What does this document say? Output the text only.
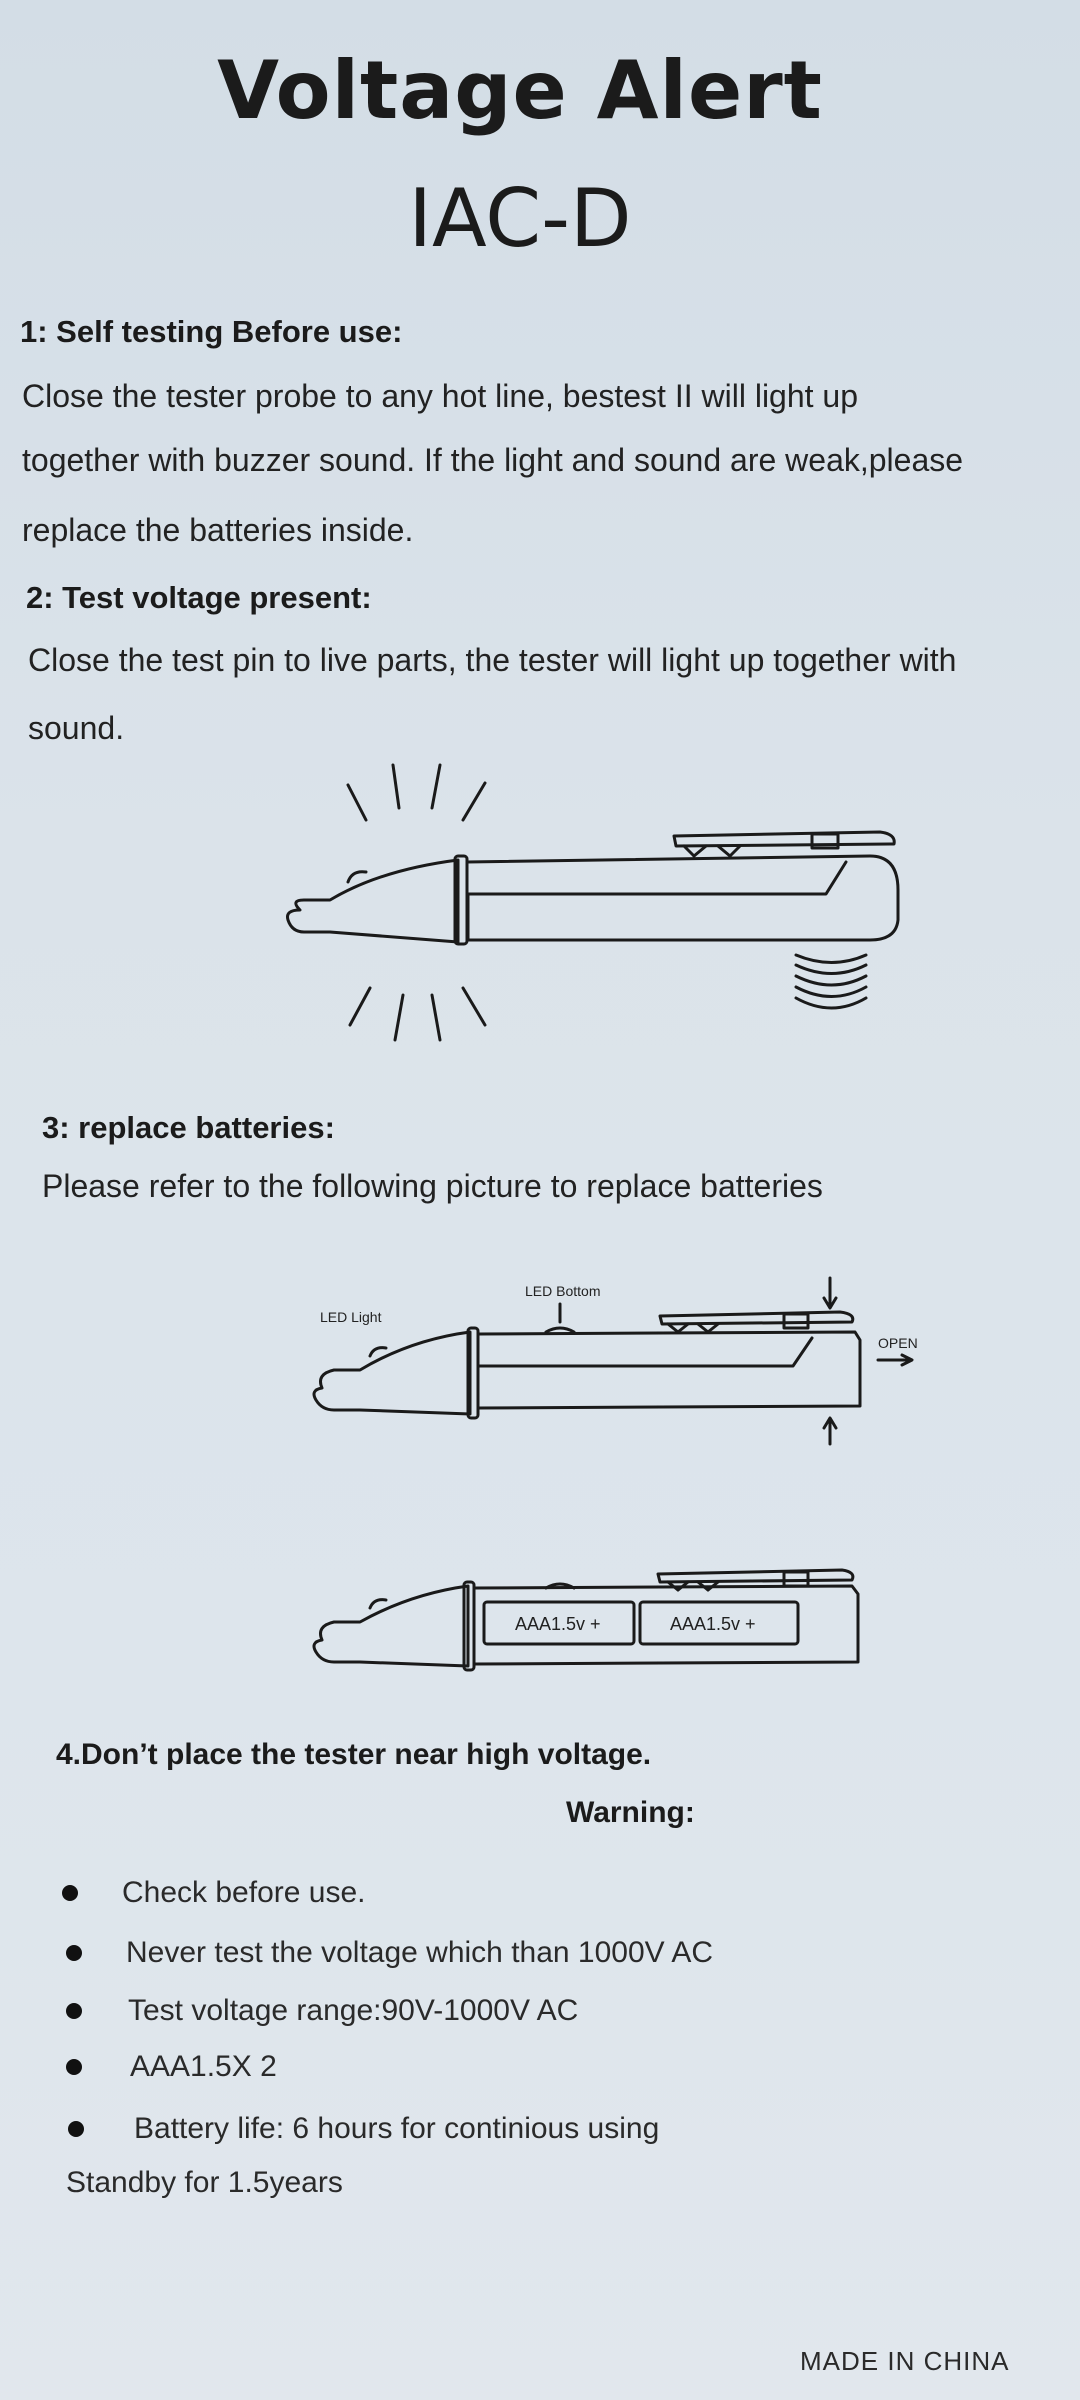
Voltage Alert
IAC-D

1: Self testing Before use:

Close the tester probe to any hot line, bestest II will light up

together with buzzer sound. If the light and sound are weak,please

replace the batteries inside.

2: Test voltage present:

Close the test pin to live parts, the tester will light up together with

sound.

3: replace batteries:

Please refer to the following picture to replace batteries

LED Light
LED Bottom
OPEN
AAA1.5v +	AAA1.5v +

4.Don’t place the tester near high voltage.

Warning:

Check before use.
Never test the voltage which than 1000V AC
Test voltage range:90V-1000V AC
AAA1.5X 2
Battery life: 6 hours for continious using

Standby for 1.5years

MADE IN CHINA
